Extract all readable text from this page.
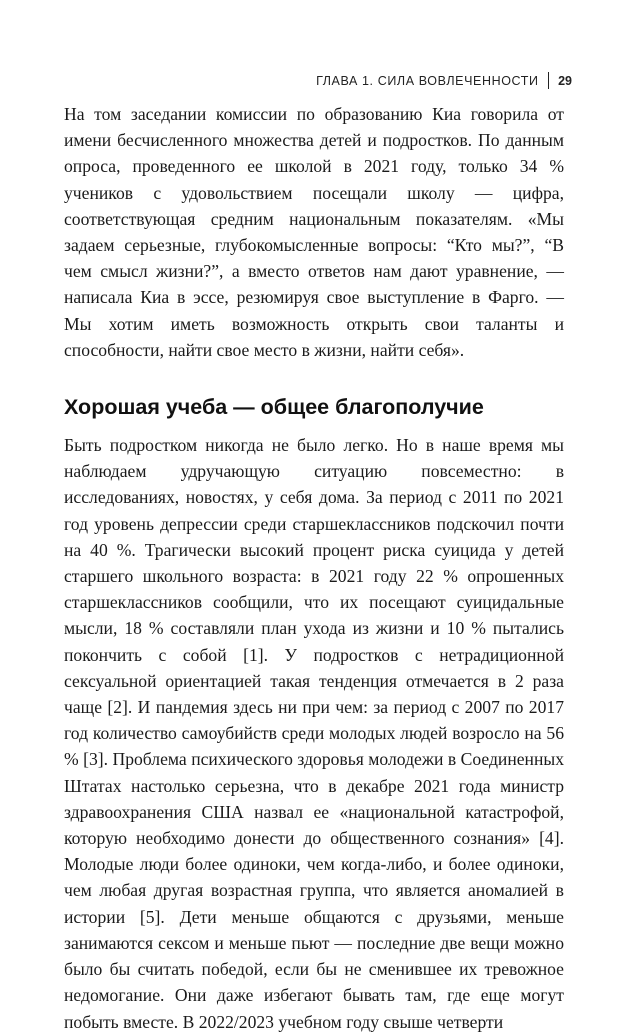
ГЛАВА 1. СИЛА ВОВЛЕЧЕННОСТИ 29

На том заседании комиссии по образованию Киа говорила от имени бесчисленного множества детей и подростков. По данным опроса, проведенного ее школой в 2021 году, только 34 % учеников с удовольствием посещали школу — цифра, соответствующая средним национальным показателям. «Мы задаем серьезные, глубокомысленные вопросы: “Кто мы?”, “В чем смысл жизни?”, а вместо ответов нам дают уравнение, — написала Киа в эссе, резюмируя свое выступление в Фарго. — Мы хотим иметь возможность открыть свои таланты и способности, найти свое место в жизни, найти себя».

Хорошая учеба — общее благополучие

Быть подростком никогда не было легко. Но в наше время мы наблюдаем удручающую ситуацию повсеместно: в исследованиях, новостях, у себя дома. За период с 2011 по 2021 год уровень депрессии среди старшеклассников подскочил почти на 40 %. Трагически высокий процент риска суицида у детей старшего школьного возраста: в 2021 году 22 % опрошенных старшеклассников сообщили, что их посещают суицидальные мысли, 18 % составляли план ухода из жизни и 10 % пытались покончить с собой [1]. У подростков с нетрадиционной сексуальной ориентацией такая тенденция отмечается в 2 раза чаще [2]. И пандемия здесь ни при чем: за период с 2007 по 2017 год количество самоубийств среди молодых людей возросло на 56 % [3]. Проблема психического здоровья молодежи в Соединенных Штатах настолько серьезна, что в декабре 2021 года министр здравоохранения США назвал ее «национальной катастрофой, которую необходимо донести до общественного сознания» [4]. Молодые люди более одиноки, чем когда-либо, и более одиноки, чем любая другая возрастная группа, что является аномалией в истории [5]. Дети меньше общаются с друзьями, меньше занимаются сексом и меньше пьют — последние две вещи можно было бы считать победой, если бы не сменившее их тревожное недомогание. Они даже избегают бывать там, где еще могут побыть вместе. В 2022/2023 учебном году свыше четверти
